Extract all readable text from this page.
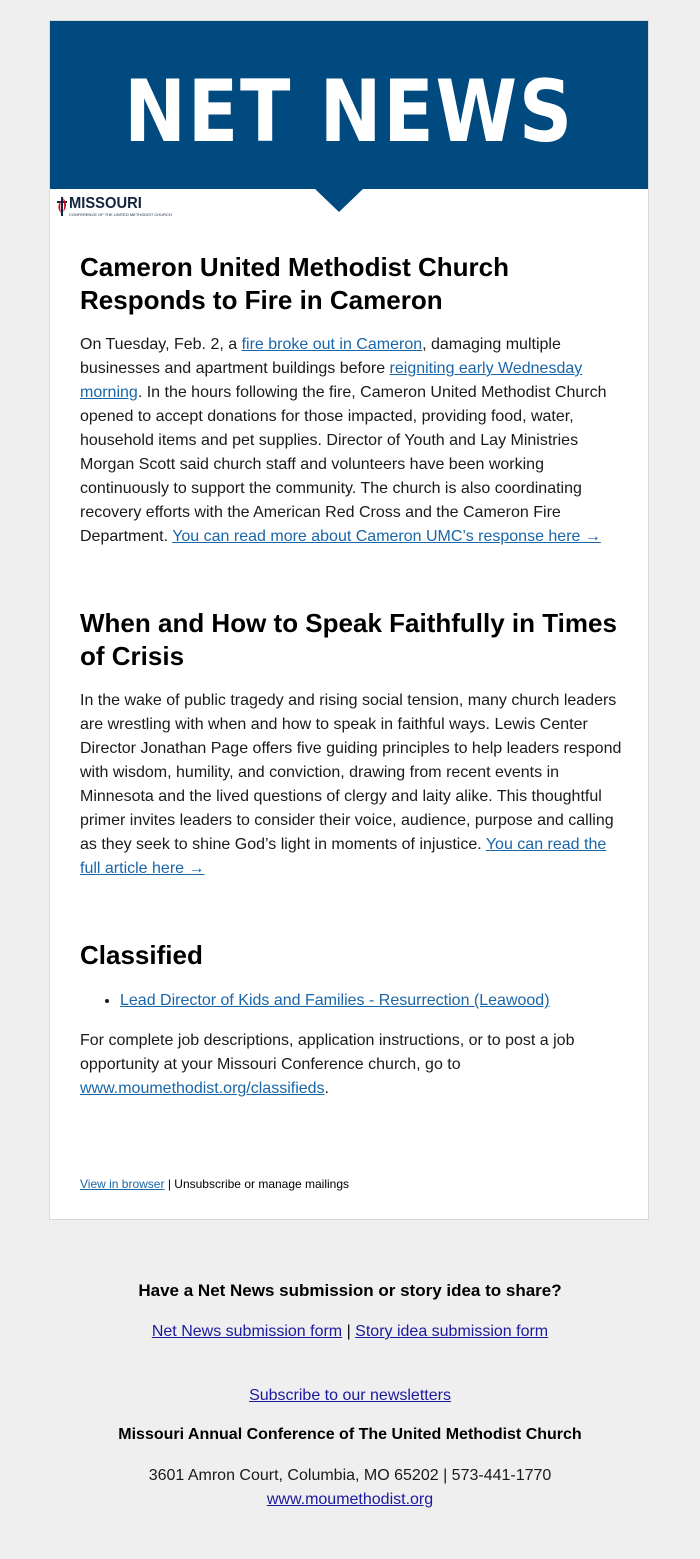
NET NEWS
MISSOURI
CONFERENCE OF THE UNITED METHODIST CHURCH
Cameron United Methodist Church Responds to Fire in Cameron

On Tuesday, Feb. 2, a fire broke out in Cameron, damaging multiple businesses and apartment buildings before reigniting early Wednesday morning. In the hours following the fire, Cameron United Methodist Church opened to accept donations for those impacted, providing food, water, household items and pet supplies. Director of Youth and Lay Ministries Morgan Scott said church staff and volunteers have been working continuously to support the community. The church is also coordinating recovery efforts with the American Red Cross and the Cameron Fire Department. You can read more about Cameron UMC’s response here →

When and How to Speak Faithfully in Times of Crisis

In the wake of public tragedy and rising social tension, many church leaders are wrestling with when and how to speak in faithful ways. Lewis Center Director Jonathan Page offers five guiding principles to help leaders respond with wisdom, humility, and conviction, drawing from recent events in Minnesota and the lived questions of clergy and laity alike. This thoughtful primer invites leaders to consider their voice, audience, purpose and calling as they seek to shine God’s light in moments of injustice. You can read the full article here →

Classified
• Lead Director of Kids and Families - Resurrection (Leawood)

For complete job descriptions, application instructions, or to post a job opportunity at your Missouri Conference church, go to www.moumethodist.org/classifieds.

View in browser | Unsubscribe or manage mailings
Have a Net News submission or story idea to share?
Net News submission form | Story idea submission form
Subscribe to our newsletters
Missouri Annual Conference of The United Methodist Church
3601 Amron Court, Columbia, MO 65202 | 573-441-1770
www.moumethodist.org
